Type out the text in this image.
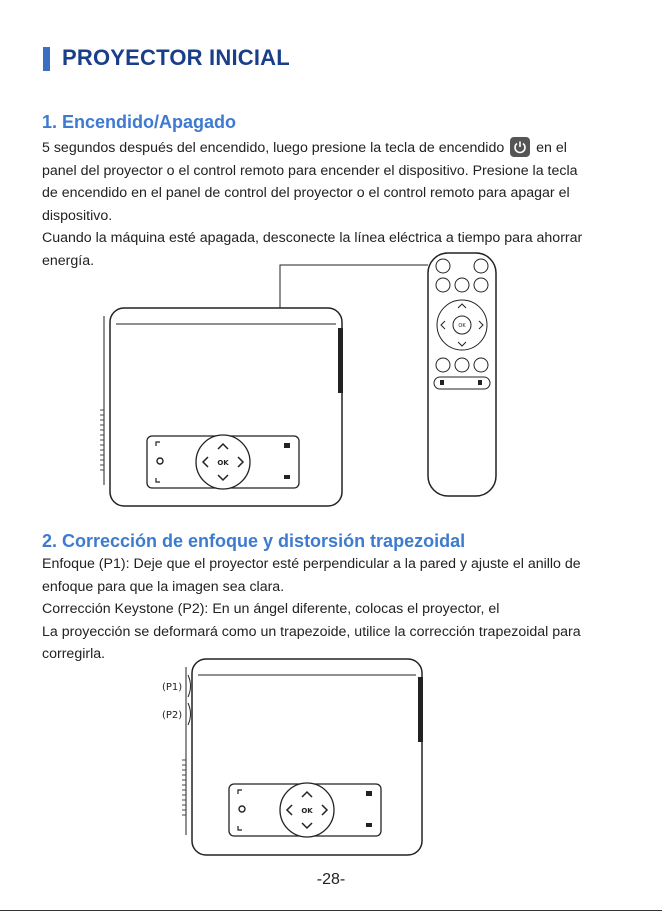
PROYECTOR INICIAL
1. Encendido/Apagado
5 segundos después del encendido, luego presione la tecla de encendido en el
panel del proyector o el control remoto para encender el dispositivo. Presione la tecla
de encendido en el panel de control del proyector o el control remoto para apagar el
dispositivo.
Cuando la máquina esté apagada, desconecte la línea eléctrica a tiempo para ahorrar
energía.
OK
OK
2. Corrección de enfoque y distorsión trapezoidal
Enfoque (P1): Deje que el proyector esté perpendicular a la pared y ajuste el anillo de
enfoque para que la imagen sea clara.
Corrección Keystone (P2): En un ángel diferente, colocas el proyector, el
La proyección se deformará como un trapezoide, utilice la corrección trapezoidal para
corregirla.
(P1)
(P2)
OK
-28-
